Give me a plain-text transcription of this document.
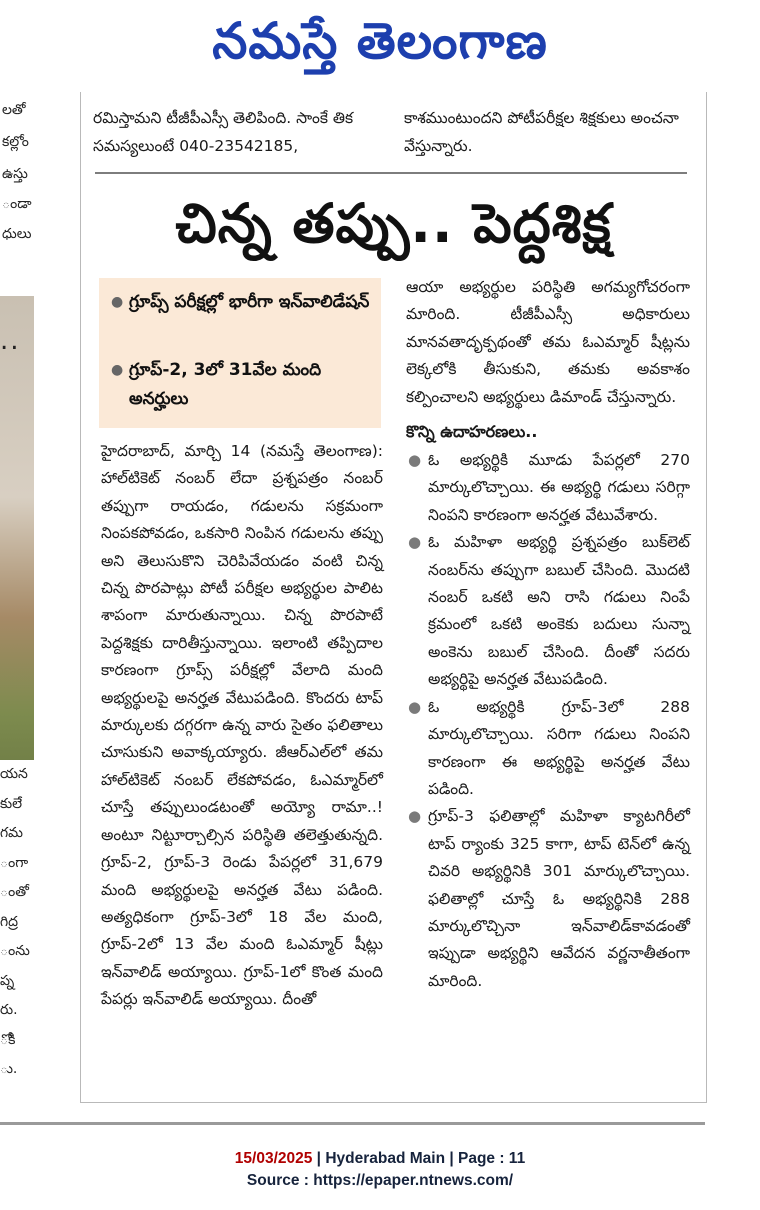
నమస్తే తెలంగాణ
లతో
కల్లోం
ఉస్తు
ండా
ధులు
..
యన
కులేే
గమ
ంగా
ంతో
గిద్ర
ంను
ప్న
రు.
ోకి
ు.
రమిస్తామని టీజీపీఎస్సీ తెలిపింది. సాంకే తిక సమస్యలుంటే 040-23542185,
కాశముంటుందని పోటీపరీక్షల శిక్షకులు అంచనా వేస్తున్నారు.
చిన్న తప్పు.. పెద్దశిక్ష
● గ్రూప్స్ పరీక్షల్లో భారీగా ఇన్‌వాలిడేషన్
● గ్రూప్-2, 3లో 31వేల మంది అనర్హులు
హైదరాబాద్, మార్చి 14 (నమస్తే తెలంగాణ): హాల్‌టికెట్ నంబర్ లేదా ప్రశ్నపత్రం నంబర్ తప్పుగా రాయడం, గడులను సక్రమంగా నింపకపోవడం, ఒకసారి నింపిన గడులను తప్పు అని తెలుసుకొని చెరిపివేయడం వంటి చిన్న చిన్న పొరపాట్లు పోటీ పరీక్షల అభ్యర్థుల పాలిట శాపంగా మారుతున్నాయి. చిన్న పొరపాటే పెద్దశిక్షకు దారితీస్తున్నాయి. ఇలాంటి తప్పిదాల కారణంగా గ్రూప్స్ పరీక్షల్లో వేలాది మంది అభ్యర్థులపై అనర్హత వేటుపడింది. కొందరు టాప్ మార్కులకు దగ్గరగా ఉన్న వారు సైతం ఫలితాలు చూసుకుని అవాక్కయ్యారు. జీఆర్‌ఎల్‌లో తమ హాల్‌టికెట్ నంబర్ లేకపోవడం, ఓఎమ్మార్‌లో చూస్తే తప్పులుండటంతో అయ్యో రామా..! అంటూ నిట్టూర్చాల్సిన పరిస్థితి తలెత్తుతున్నది. గ్రూప్-2, గ్రూప్-3 రెండు పేపర్లలో 31,679 మంది అభ్యర్థులపై అనర్హత వేటు పడింది. అత్యధికంగా గ్రూప్-3లో 18 వేల మంది, గ్రూప్-2లో 13 వేల మంది ఓఎమ్మార్ షీట్లు ఇన్‌వాలిడ్ అయ్యాయి. గ్రూప్-1లో కొంత మంది పేపర్లు ఇన్‌వాలిడ్ అయ్యాయి. దీంతో
ఆయా అభ్యర్థుల పరిస్థితి అగమ్యగోచరంగా మారింది. టీజీపీఎస్సీ అధికారులు మానవతాదృక్పథంతో తమ ఓఎమ్మార్ షీట్లను లెక్కలోకి తీసుకుని, తమకు అవకాశం కల్పించాలని అభ్యర్థులు డిమాండ్ చేస్తున్నారు.
కొన్ని ఉదాహరణలు..
● ఓ అభ్యర్థికి మూడు పేపర్లలో 270 మార్కులొచ్చాయి. ఈ అభ్యర్థి గడులు సరిగ్గా నింపని కారణంగా అనర్హత వేటువేశారు.
● ఓ మహిళా అభ్యర్థి ప్రశ్నపత్రం బుక్‌లెట్ నంబర్‌ను తప్పుగా బబుల్ చేసింది. మొదటి నంబర్ ఒకటి అని రాసి గడులు నింపే క్రమంలో ఒకటి అంకెకు బదులు సున్నా అంకెను బబుల్ చేసింది. దీంతో సదరు అభ్యర్థిపై అనర్హత వేటుపడింది.
● ఓ అభ్యర్థికి గ్రూప్-3లో 288 మార్కులొచ్చాయి. సరిగా గడులు నింపని కారణంగా ఈ అభ్యర్థిపై అనర్హత వేటు పడింది.
● గ్రూప్-3 ఫలితాల్లో మహిళా క్యాటగిరీలో టాప్ ర్యాంకు 325 కాగా, టాప్ టెన్‌లో ఉన్న చివరి అభ్యర్థినికి 301 మార్కులొచ్చాయి. ఫలితాల్లో చూస్తే ఓ అభ్యర్థినికి 288 మార్కులొచ్చినా ఇన్‌వాలిడ్‌కావడంతో ఇప్పుడా అభ్యర్థిని ఆవేదన వర్ణనాతీతంగా మారింది.
15/03/2025 | Hyderabad Main | Page : 11
Source : https://epaper.ntnews.com/
